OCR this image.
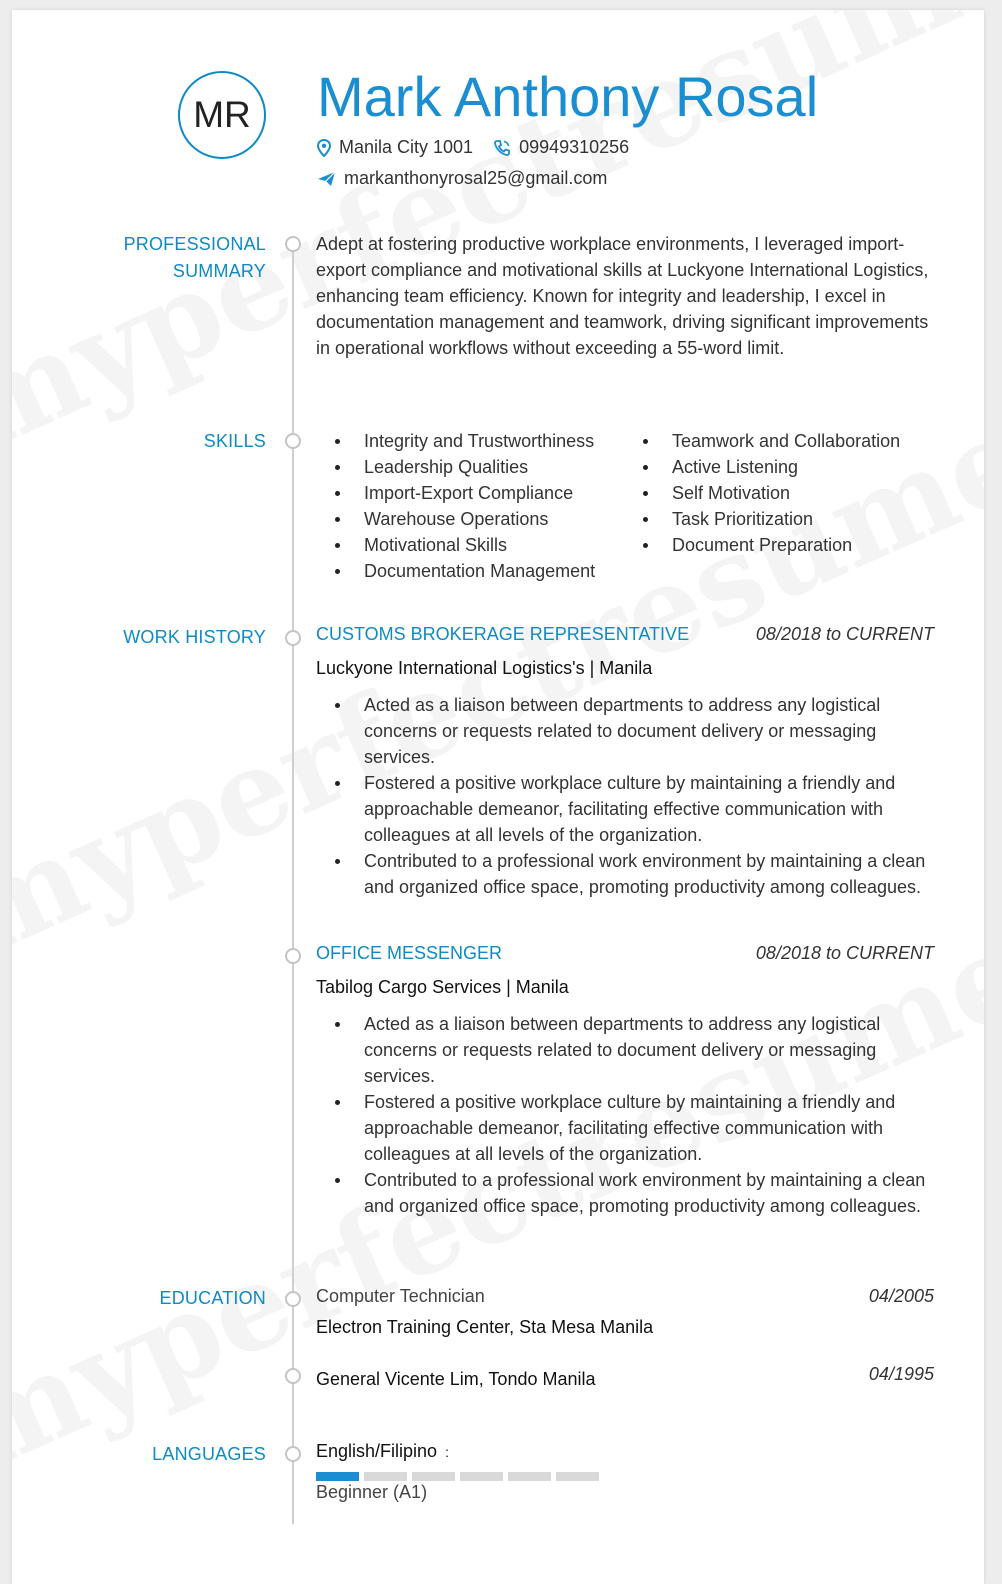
MR Mark Anthony Rosal
Manila City 1001	09949310256
markanthonyrosal25@gmail.com
PROFESSIONAL
SUMMARY
Adept at fostering productive workplace environments, I leveraged import-export compliance and motivational skills at Luckyone International Logistics, enhancing team efficiency. Known for integrity and leadership, I excel in documentation management and teamwork, driving significant improvements in operational workflows without exceeding a 55-word limit.
SKILLS	Integrity and Trustworthiness
Leadership Qualities
Import-Export Compliance
Warehouse Operations
Motivational Skills
Documentation Management
Teamwork and Collaboration
Active Listening
Self Motivation
Task Prioritization
Document Preparation
WORK HISTORY	CUSTOMS BROKERAGE REPRESENTATIVE	08/2018 to CURRENT
Luckyone International Logistics's | Manila
Acted as a liaison between departments to address any logistical concerns or requests related to document delivery or messaging services.
Fostered a positive workplace culture by maintaining a friendly and approachable demeanor, facilitating effective communication with colleagues at all levels of the organization.
Contributed to a professional work environment by maintaining a clean and organized office space, promoting productivity among colleagues.
OFFICE MESSENGER	08/2018 to CURRENT
Tabilog Cargo Services | Manila
Acted as a liaison between departments to address any logistical concerns or requests related to document delivery or messaging services.
Fostered a positive workplace culture by maintaining a friendly and approachable demeanor, facilitating effective communication with colleagues at all levels of the organization.
Contributed to a professional work environment by maintaining a clean and organized office space, promoting productivity among colleagues.
EDUCATION	Computer Technician	04/2005
Electron Training Center, Sta Mesa Manila
04/1995
General Vicente Lim, Tondo Manila
LANGUAGES	English/Filipino :
Beginner (A1)
